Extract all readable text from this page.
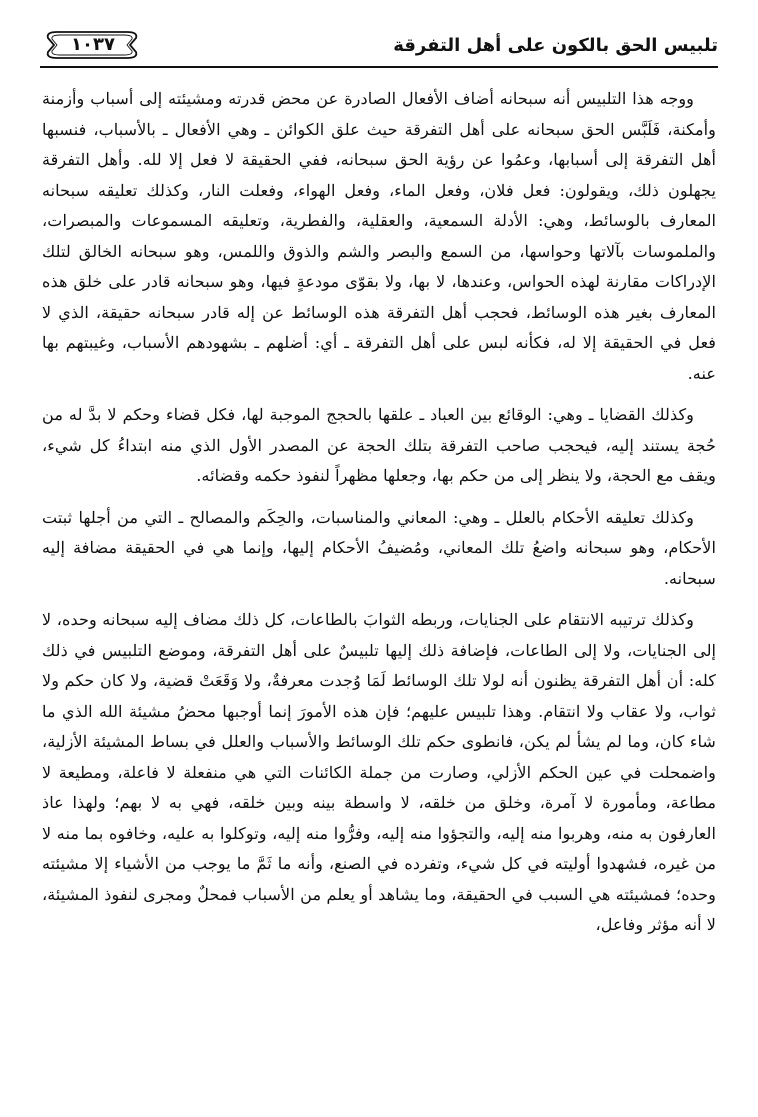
تلبيس الحق بالكون على أهل التفرقة
١٠٣٧

ووجه هذا التلبيس أنه سبحانه أضاف الأفعال الصادرة عن محض قدرته ومشيئته إلى أسباب وأزمنة وأمكنة، فَلَبَّس الحق سبحانه على أهل التفرقة حيث علق الكوائن ـ وهي الأفعال ـ بالأسباب، فنسبها أهل التفرقة إلى أسبابها، وعمُوا عن رؤية الحق سبحانه، ففي الحقيقة لا فعل إلا لله. وأهل التفرقة يجهلون ذلك، ويقولون: فعل فلان، وفعل الماء، وفعل الهواء، وفعلت النار، وكذلك تعليقه سبحانه المعارف بالوسائط، وهي: الأدلة السمعية، والعقلية، والفطرية، وتعليقه المسموعات والمبصرات، والملموسات بآلاتها وحواسها، من السمع والبصر والشم والذوق واللمس، وهو سبحانه الخالق لتلك الإدراكات مقارنة لهذه الحواس، وعندها، لا بها، ولا بقوّى مودعةٍ فيها، وهو سبحانه قادر على خلق هذه المعارف بغير هذه الوسائط، فحجب أهل التفرقة هذه الوسائط عن إله قادر سبحانه حقيقة، الذي لا فعل في الحقيقة إلا له، فكأنه لبس على أهل التفرقة ـ أي: أضلهم ـ بشهودهم الأسباب، وغيبتهم بها عنه.

وكذلك القضايا ـ وهي: الوقائع بين العباد ـ علقها بالحجج الموجبة لها، فكل قضاء وحكم لا بدَّ له من حُجة يستند إليه، فيحجب صاحب التفرقة بتلك الحجة عن المصدر الأول الذي منه ابتداءُ كل شيء، ويقف مع الحجة، ولا ينظر إلى من حكم بها، وجعلها مظهراً لنفوذ حكمه وقضائه.

وكذلك تعليقه الأحكام بالعلل ـ وهي: المعاني والمناسبات، والحِكَم والمصالح ـ التي من أجلها ثبتت الأحكام، وهو سبحانه واضعُ تلك المعاني، ومُضيفُ الأحكام إليها، وإنما هي في الحقيقة مضافة إليه سبحانه.

وكذلك ترتيبه الانتقام على الجنايات، وربطه الثوابَ بالطاعات، كل ذلك مضاف إليه سبحانه وحده، لا إلى الجنايات، ولا إلى الطاعات، فإضافة ذلك إليها تلبيسٌ على أهل التفرقة، وموضع التلبيس في ذلك كله: أن أهل التفرقة يظنون أنه لولا تلك الوسائط لَمَا وُجدت معرفةٌ، ولا وَقَعَتْ قضية، ولا كان حكم ولا ثواب، ولا عقاب ولا انتقام. وهذا تلبيس عليهم؛ فإن هذه الأمورَ إنما أوجبها محضُ مشيئة الله الذي ما شاء كان، وما لم يشأ لم يكن، فانطوى حكم تلك الوسائط والأسباب والعلل في بساط المشيئة الأزلية، واضمحلت في عين الحكم الأزلي، وصارت من جملة الكائنات التي هي منفعلة لا فاعلة، ومطيعة لا مطاعة، ومأمورة لا آمرة، وخلق من خلقه، لا واسطة بينه وبين خلقه، فهي به لا بهم؛ ولهذا عاذ العارفون به منه، وهربوا منه إليه، والتجؤوا منه إليه، وفرُّوا منه إليه، وتوكلوا به عليه، وخافوه بما منه لا من غيره، فشهدوا أوليته في كل شيء، وتفرده في الصنع، وأنه ما ثَمَّ ما يوجب من الأشياء إلا مشيئته وحده؛ فمشيئته هي السبب في الحقيقة، وما يشاهد أو يعلم من الأسباب فمحلٌ ومجرى لنفوذ المشيئة، لا أنه مؤثر وفاعل،
